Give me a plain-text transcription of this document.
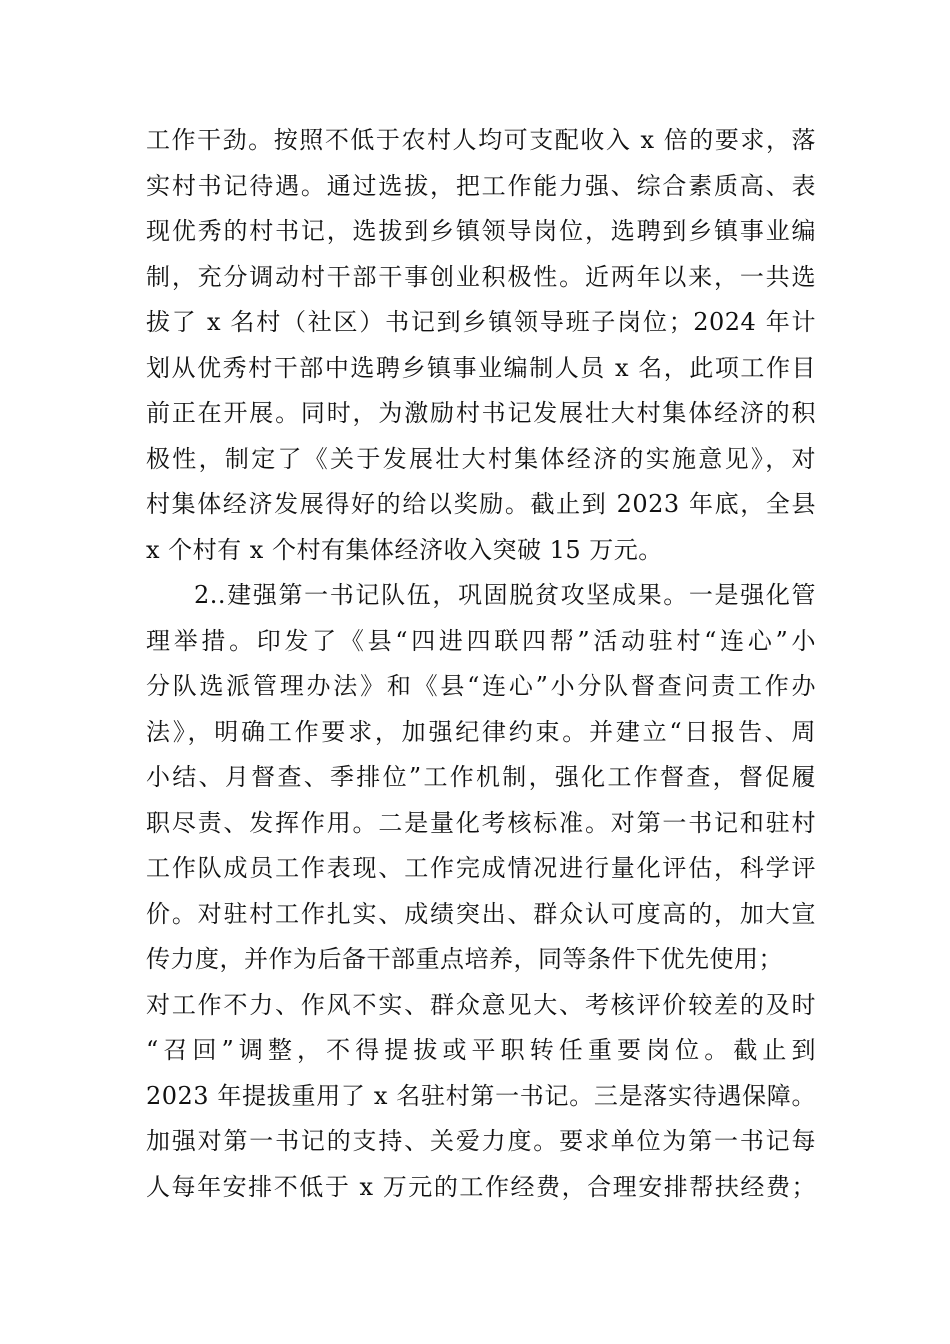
工作干劲。按照不低于农村人均可支配收入 x 倍的要求，落
实村书记待遇。通过选拔，把工作能力强、综合素质高、表
现优秀的村书记，选拔到乡镇领导岗位，选聘到乡镇事业编
制，充分调动村干部干事创业积极性。近两年以来，一共选
拔了 x 名村（社区）书记到乡镇领导班子岗位；2024 年计
划从优秀村干部中选聘乡镇事业编制人员 x 名，此项工作目
前正在开展。同时，为激励村书记发展壮大村集体经济的积
极性，制定了《关于发展壮大村集体经济的实施意见》，对
村集体经济发展得好的给以奖励。截止到 2023 年底，全县
x 个村有 x 个村有集体经济收入突破 15 万元。
2..建强第一书记队伍，巩固脱贫攻坚成果。一是强化管
理举措。印发了《县“四进四联四帮”活动驻村“连心”小
分队选派管理办法》和《县“连心”小分队督查问责工作办
法》，明确工作要求，加强纪律约束。并建立“日报告、周
小结、月督查、季排位”工作机制，强化工作督查，督促履
职尽责、发挥作用。二是量化考核标准。对第一书记和驻村
工作队成员工作表现、工作完成情况进行量化评估，科学评
价。对驻村工作扎实、成绩突出、群众认可度高的，加大宣
传力度，并作为后备干部重点培养，同等条件下优先使用；
对工作不力、作风不实、群众意见大、考核评价较差的及时
“召回”调整，不得提拔或平职转任重要岗位。截止到
2023 年提拔重用了 x 名驻村第一书记。三是落实待遇保障。
加强对第一书记的支持、关爱力度。要求单位为第一书记每
人每年安排不低于 x 万元的工作经费，合理安排帮扶经费；
